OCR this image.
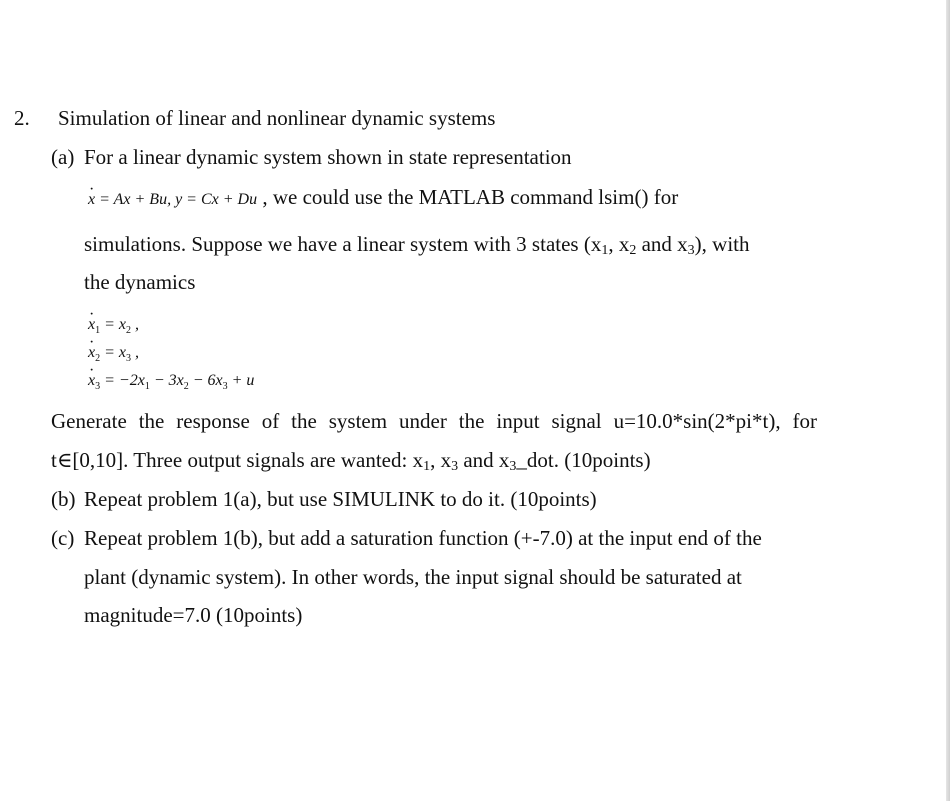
2. Simulation of linear and nonlinear dynamic systems
(a) For a linear dynamic system shown in state representation
· x = Ax + Bu, y = Cx + Du , we could use the MATLAB command lsim() for
simulations. Suppose we have a linear system with 3 states (x1, x2 and x3), with
the dynamics
· $x_1 = x_2$ ,
· $x_2 = x_3$ ,
· $x_3 = -2x_1 - 3x_2 - 6x_3 + u$
Generate the response of the system under the input signal u=10.0*sin(2*pi*t), for
t∈[0,10]. Three output signals are wanted: x1, x3 and x3_dot. (10points)
(b) Repeat problem 1(a), but use SIMULINK to do it. (10points)
(c) Repeat problem 1(b), but add a saturation function (+-7.0) at the input end of the
plant (dynamic system). In other words, the input signal should be saturated at
magnitude=7.0 (10points)
